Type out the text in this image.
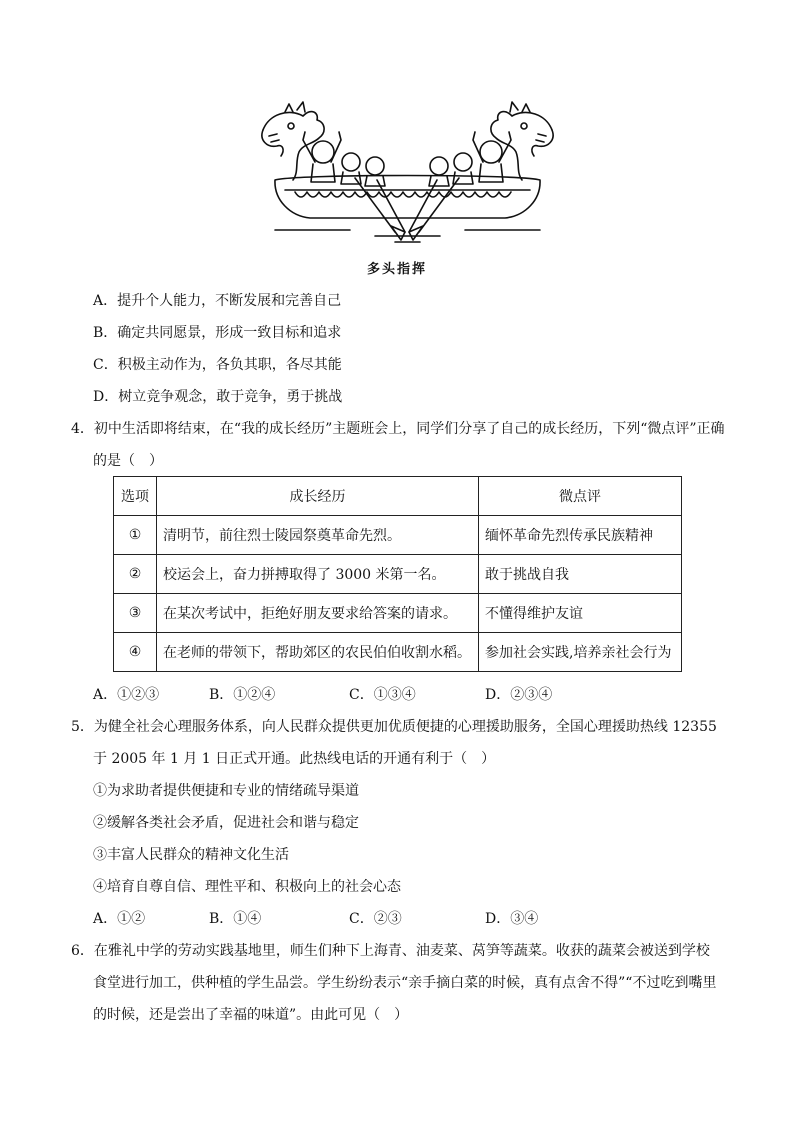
多头指挥
A．提升个人能力，不断发展和完善自己
B．确定共同愿景，形成一致目标和追求
C．积极主动作为，各负其职，各尽其能
D．树立竞争观念，敢于竞争，勇于挑战
4．初中生活即将结束，在“我的成长经历”主题班会上，同学们分享了自己的成长经历，下列“微点评”正确
的是（　）
选项	成长经历	微点评
①	清明节，前往烈士陵园祭奠革命先烈。	缅怀革命先烈传承民族精神
②	校运会上，奋力拼搏取得了 3000 米第一名。	敢于挑战自我
③	在某次考试中，拒绝好朋友要求给答案的请求。	不懂得维护友谊
④	在老师的带领下，帮助郊区的农民伯伯收割水稻。	参加社会实践,培养亲社会行为
A．①②③	B．①②④	C．①③④	D．②③④
5．为健全社会心理服务体系，向人民群众提供更加优质便捷的心理援助服务，全国心理援助热线 12355
于 2005 年 1 月 1 日正式开通。此热线电话的开通有利于（　）
①为求助者提供便捷和专业的情绪疏导渠道
②缓解各类社会矛盾，促进社会和谐与稳定
③丰富人民群众的精神文化生活
④培育自尊自信、理性平和、积极向上的社会心态
A．①②	B．①④	C．②③	D．③④
6．在雅礼中学的劳动实践基地里，师生们种下上海青、油麦菜、莴笋等蔬菜。收获的蔬菜会被送到学校
食堂进行加工，供种植的学生品尝。学生纷纷表示“亲手摘白菜的时候，真有点舍不得”“不过吃到嘴里
的时候，还是尝出了幸福的味道”。由此可见（　）
